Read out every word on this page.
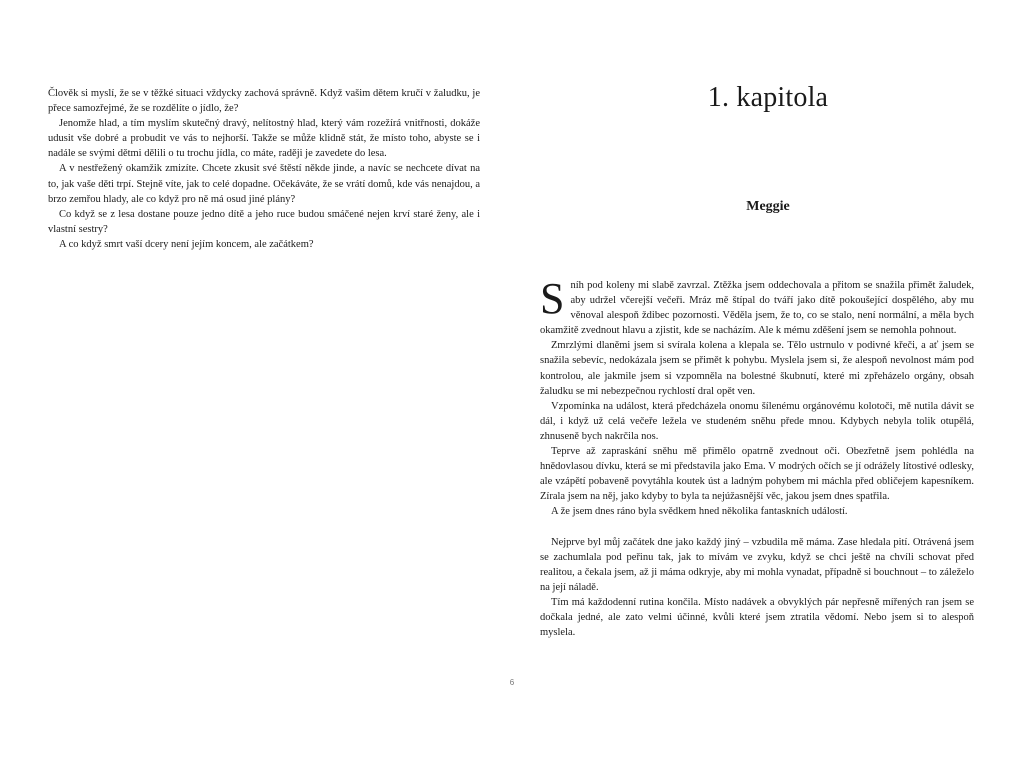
Člověk si myslí, že se v těžké situaci vždycky zachová správně. Když vašim dětem kručí v žaludku, je přece samozřejmé, že se rozdělíte o jídlo, že?

Jenomže hlad, a tím myslím skutečný dravý, nelítostný hlad, který vám rozežírá vnitřnosti, dokáže udusit vše dobré a probudit ve vás to nejhorší. Takže se může klidně stát, že místo toho, abyste se i nadále se svými dětmi dělili o tu trochu jídla, co máte, raději je zavedete do lesa.

A v nestřežený okamžik zmizíte. Chcete zkusit své štěstí někde jinde, a navíc se nechcete dívat na to, jak vaše děti trpí. Stejně víte, jak to celé dopadne. Očekáváte, že se vrátí domů, kde vás nenajdou, a brzo zemřou hlady, ale co když pro ně má osud jiné plány?

Co když se z lesa dostane pouze jedno dítě a jeho ruce budou smáčené nejen krví staré ženy, ale i vlastní sestry?

A co když smrt vaší dcery není jejím koncem, ale začátkem?

6
1. kapitola
Meggie

Sníh pod koleny mi slabě zavrzal. Ztěžka jsem oddechovala a přitom se snažila přimět žaludek, aby udržel včerejší večeři. Mráz mě štípal do tváří jako dítě pokoušející dospělého, aby mu věnoval alespoň ždibec pozornosti. Věděla jsem, že to, co se stalo, není normální, a měla bych okamžitě zvednout hlavu a zjistit, kde se nacházím. Ale k mému zděšení jsem se nemohla pohnout.

Zmrzlými dlaněmi jsem si svírala kolena a klepala se. Tělo ustrnulo v podivné křeči, a ať jsem se snažila sebevíc, nedokázala jsem se přimět k pohybu. Myslela jsem si, že alespoň nevolnost mám pod kontrolou, ale jakmile jsem si vzpomněla na bolestné škubnutí, které mi zpřeházelo orgány, obsah žaludku se mi nebezpečnou rychlostí dral opět ven.

Vzpomínka na událost, která předcházela onomu šílenému orgánovému kolotoči, mě nutila dávit se dál, i když už celá večeře ležela ve studeném sněhu přede mnou. Kdybych nebyla tolik otupělá, zhnuseně bych nakrčila nos.

Teprve až zapraskání sněhu mě přimělo opatrně zvednout oči. Obezřetně jsem pohlédla na hnědovlasou dívku, která se mi představila jako Ema. V modrých očích se jí odrážely lítostivé odlesky, ale vzápětí pobaveně povytáhla koutek úst a ladným pohybem mi máchla před obličejem kapesníkem. Zírala jsem na něj, jako kdyby to byla ta nejúžasnější věc, jakou jsem dnes spatřila.

A že jsem dnes ráno byla svědkem hned několika fantaskních událostí.

Nejprve byl můj začátek dne jako každý jiný – vzbudila mě máma. Zase hledala pití. Otrávená jsem se zachumlala pod peřinu tak, jak to mívám ve zvyku, když se chci ještě na chvíli schovat před realitou, a čekala jsem, až ji máma odkryje, aby mi mohla vynadat, případně si bouchnout – to záleželo na její náladě.

Tím má každodenní rutina končila. Místo nadávek a obvyklých pár nepřesně mířených ran jsem se dočkala jedné, ale zato velmi účinné, kvůli které jsem ztratila vědomí. Nebo jsem si to alespoň myslela.
